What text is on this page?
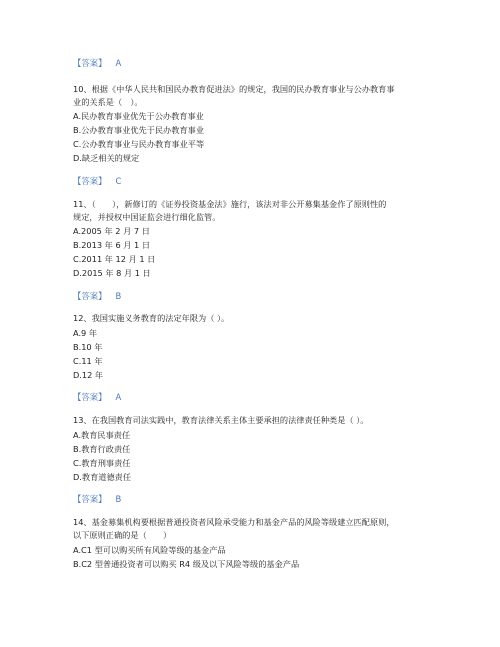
【答案】 A
10、根据《中华人民共和国民办教育促进法》的规定，我国的民办教育事业与公办教育事
业的关系是（　）。
A.民办教育事业优先于公办教育事业
B.公办教育事业优先于民办教育事业
C.公办教育事业与民办教育事业平等
D.缺乏相关的规定
【答案】 C
11、（　　），新修订的《证券投资基金法》施行，该法对非公开募集基金作了原则性的
规定，并授权中国证监会进行细化监管。
A.2005 年 2 月 7 日
B.2013 年 6 月 1 日
C.2011 年 12 月 1 日
D.2015 年 8 月 1 日
【答案】 B
12、我国实施义务教育的法定年限为（ ）。
A.9 年
B.10 年
C.11 年
D.12 年
【答案】 A
13、在我国教育司法实践中，教育法律关系主体主要承担的法律责任种类是（ ）。
A.教育民事责任
B.教育行政责任
C.教育刑事责任
D.教育道德责任
【答案】 B
14、基金募集机构要根据普通投资者风险承受能力和基金产品的风险等级建立匹配原则，
以下原则正确的是（　　）
A.C1 型可以购买所有风险等级的基金产品
B.C2 型普通投资者可以购买 R4 级及以下风险等级的基金产品
